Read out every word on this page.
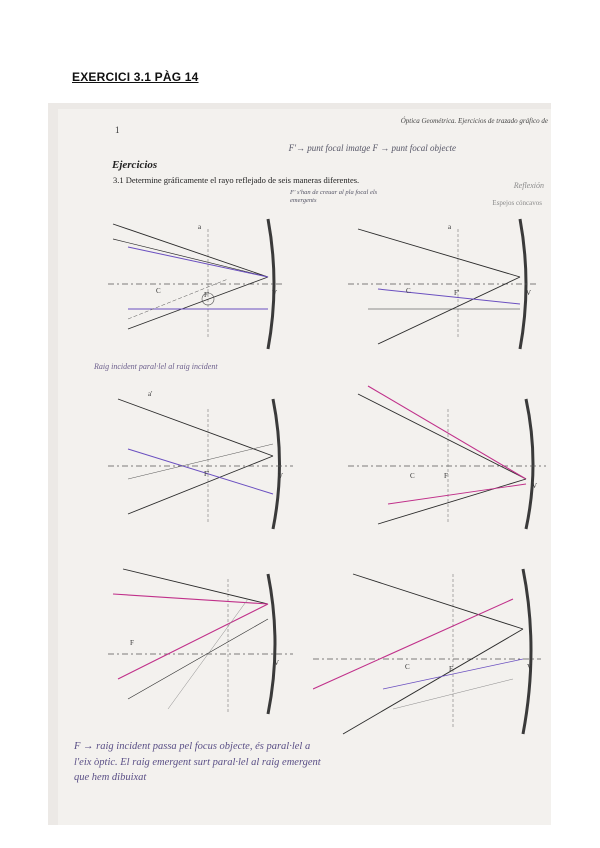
EXERCICI 3.1 PÀG 14
1
Óptica Geométrica. Ejercicios de trazado gráfico de
F'→ punt focal imatge F → punt focal objecte
Ejercicios
3.1 Determine gráficamente el rayo reflejado de seis maneras diferentes.
F' s'han de creuar al pla focal els emergents
Reflexión
Espejos cóncavos
Raig incident paral·lel al raig incident
F → raig incident passa pel focus objecte, és paral·lel a l'eix òptic. El raig emergent surt paral·lel al raig emergent que hem dibuixat
a
C	F'	V
a
C	F'	V
a'
F'	V	C	F
V
F
V	C	F	V
